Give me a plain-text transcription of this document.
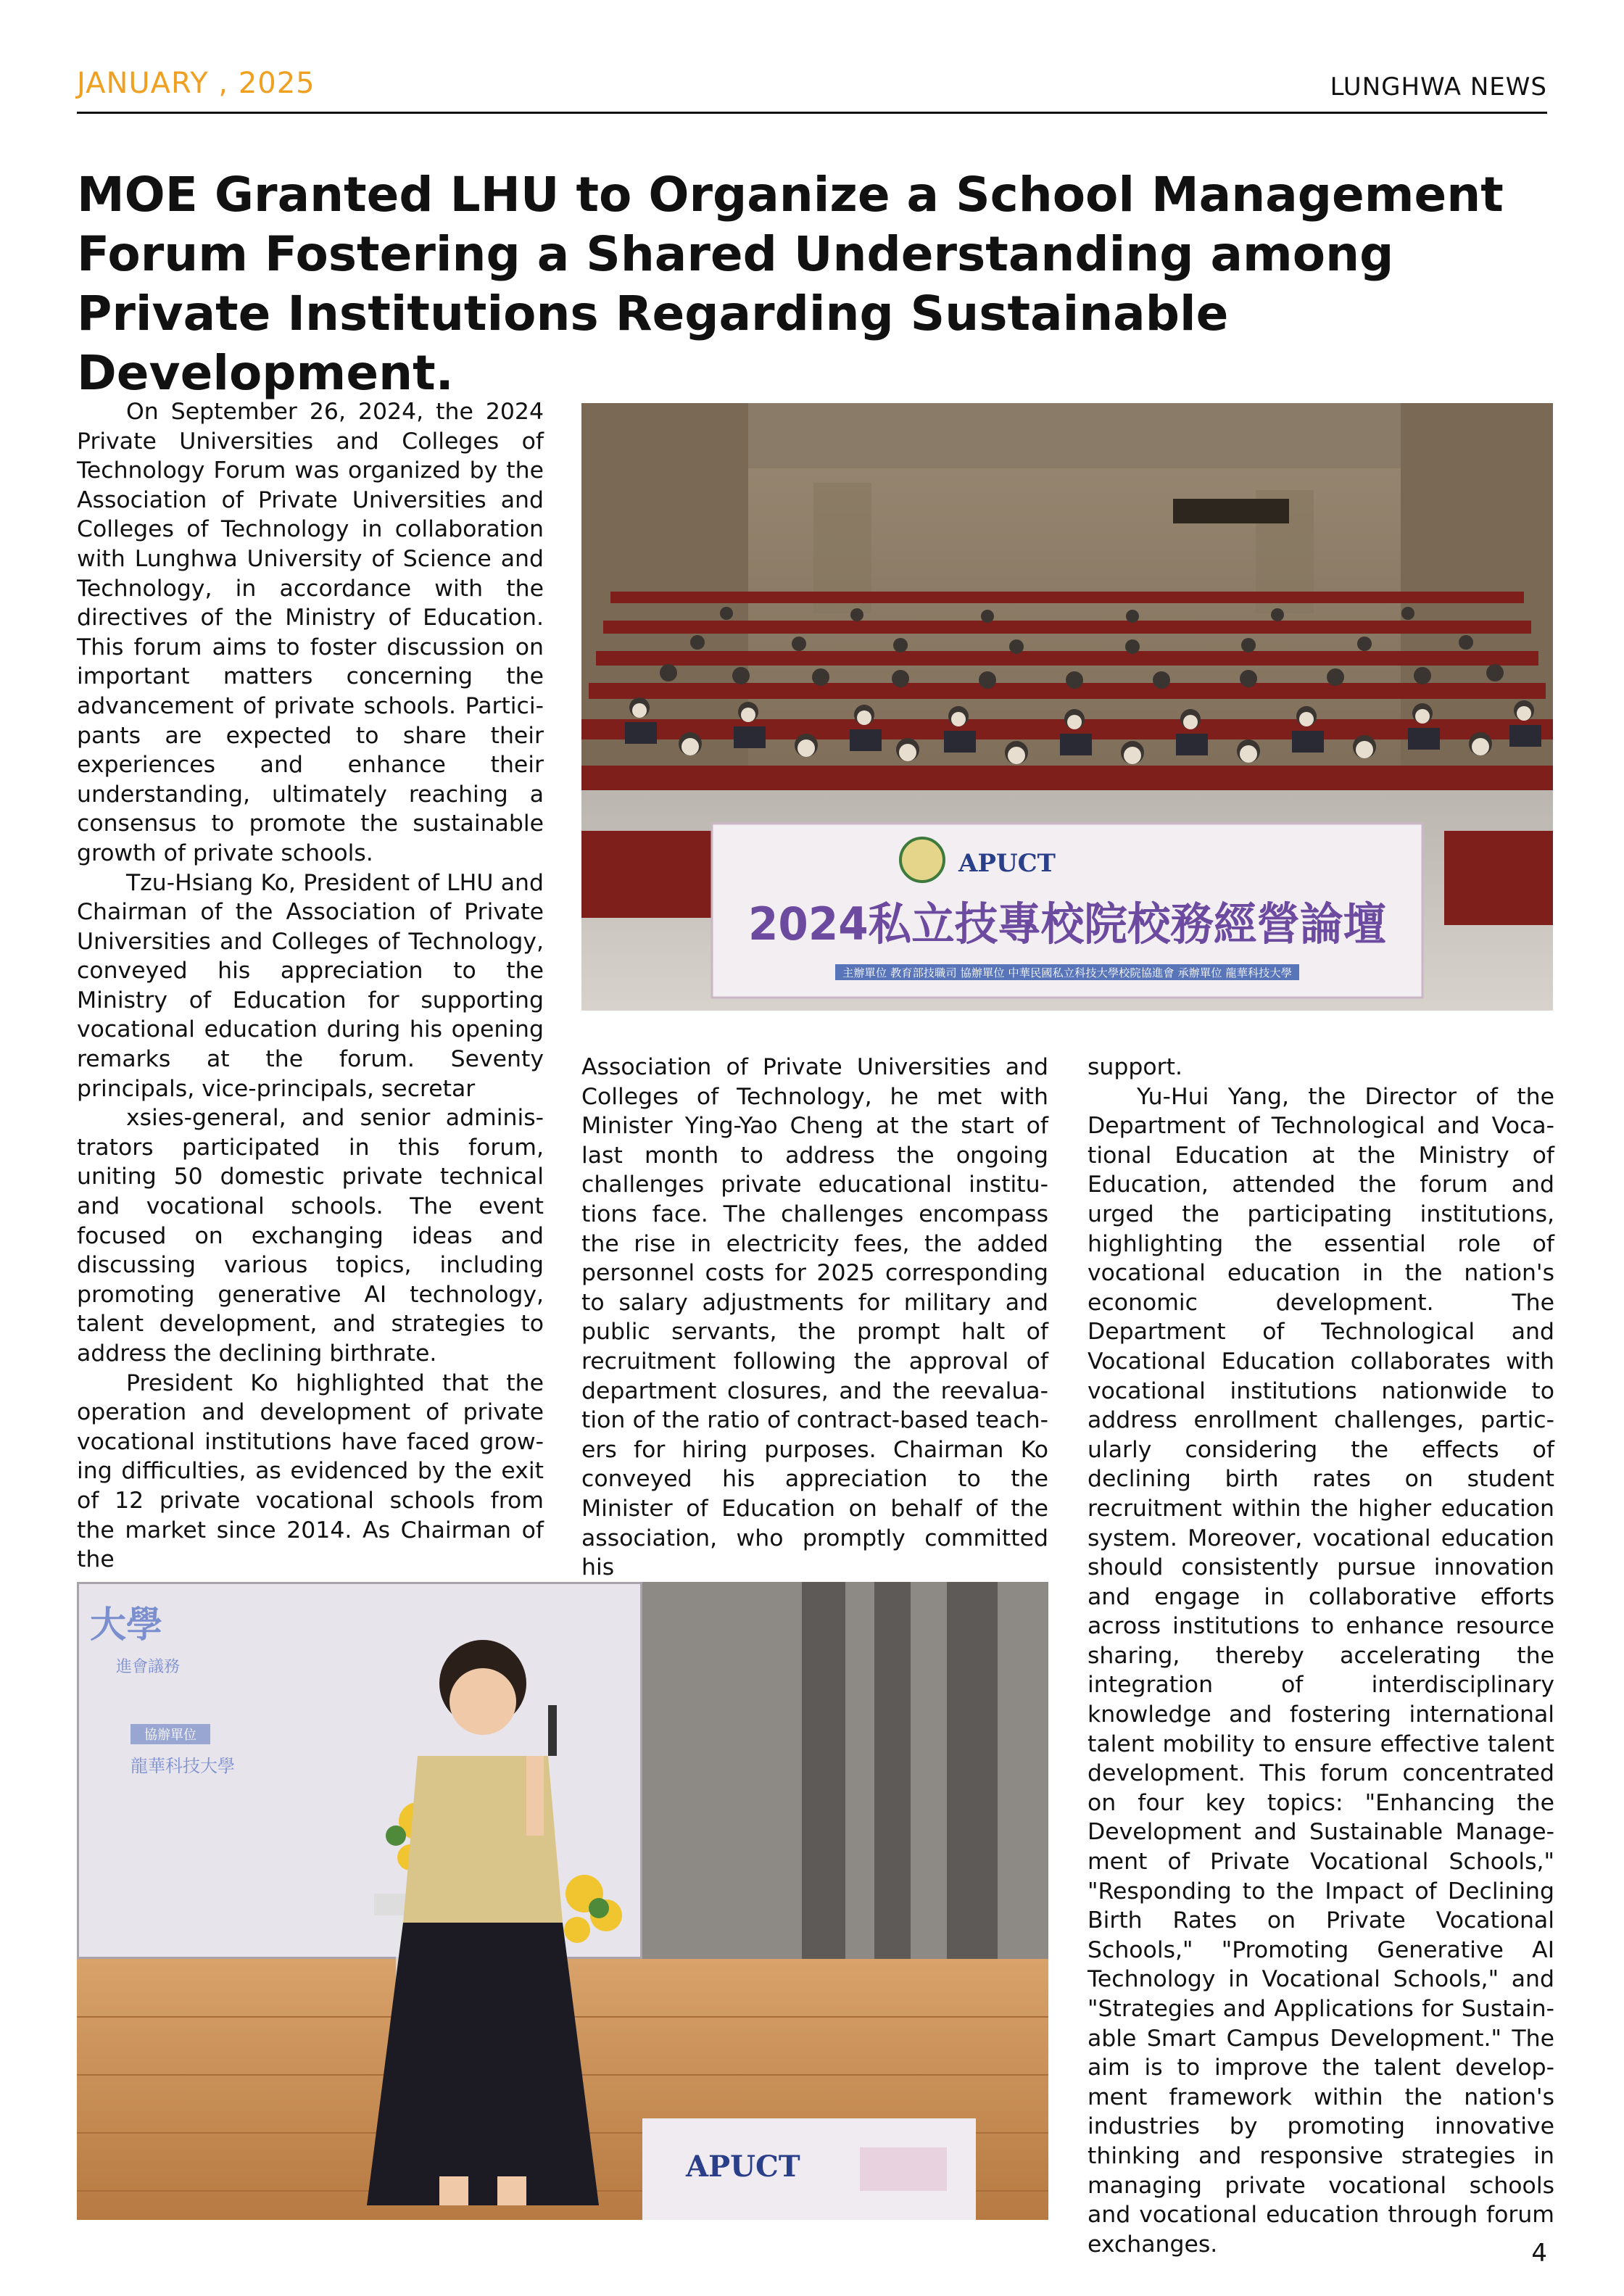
JANUARY , 2025	LUNGHWA NEWS
MOE Granted LHU to Organize a School Management Forum Fostering a Shared Understanding among Private Institutions Regarding Sustainable Development.

On September 26, 2024, the 2024 Private Universities and Colleges of Technology Forum was organized by the Association of Private Universities and Colleges of Technology in collaboration with Lunghwa University of Science and Technology, in accordance with the directives of the Ministry of Education. This forum aims to foster discussion on important matters concerning the advancement of private schools. Participants are expected to share their experiences and enhance their understanding, ultimately reaching a consensus to promote the sustainable growth of private schools.

Tzu-Hsiang Ko, President of LHU and Chairman of the Association of Private Universities and Colleges of Technology, conveyed his appreciation to the Ministry of Education for supporting vocational education during his opening remarks at the forum. Seventy principals, vice-principals, secretar

xsies-general, and senior administrators participated in this forum, uniting 50 domestic private technical and vocational schools. The event focused on exchanging ideas and discussing various topics, including promoting generative AI technology, talent development, and strategies to address the declining birthrate.

President Ko highlighted that the operation and development of private vocational institutions have faced growing difficulties, as evidenced by the exit of 12 private vocational schools from the market since 2014. As Chairman of the

Association of Private Universities and Colleges of Technology, he met with Minister Ying-Yao Cheng at the start of last month to address the ongoing challenges private educational institutions face. The challenges encompass the rise in electricity fees, the added personnel costs for 2025 corresponding to salary adjustments for military and public servants, the prompt halt of recruitment following the approval of department closures, and the reevaluation of the ratio of contract-based teachers for hiring purposes. Chairman Ko conveyed his appreciation to the Minister of Education on behalf of the association, who promptly committed his

support.

Yu-Hui Yang, the Director of the Department of Technological and Vocational Education at the Ministry of Education, attended the forum and urged the participating institutions, highlighting the essential role of vocational education in the nation's economic development. The Department of Technological and Vocational Education collaborates with vocational institutions nationwide to address enrollment challenges, particularly considering the effects of declining birth rates on student recruitment within the higher education system. Moreover, vocational education should consistently pursue innovation and engage in collaborative efforts across institutions to enhance resource sharing, thereby accelerating the integration of interdisciplinary knowledge and fostering international talent mobility to ensure effective talent development. This forum concentrated on four key topics: "Enhancing the Development and Sustainable Management of Private Vocational Schools," "Responding to the Impact of Declining Birth Rates on Private Vocational Schools," "Promoting Generative AI Technology in Vocational Schools," and "Strategies and Applications for Sustainable Smart Campus Development." The aim is to improve the talent development framework within the nation's industries by promoting innovative thinking and responsive strategies in managing private vocational schools and vocational education through forum exchanges.

APUCT
2024私立技專校院校務經營論壇
主辦單位 教育部技職司 協辦單位 中華民國私立科技大學校院協進會 承辦單位 龍華科技大學
大學
進會議務
協辦單位
龍華科技大學
APUCT
4
